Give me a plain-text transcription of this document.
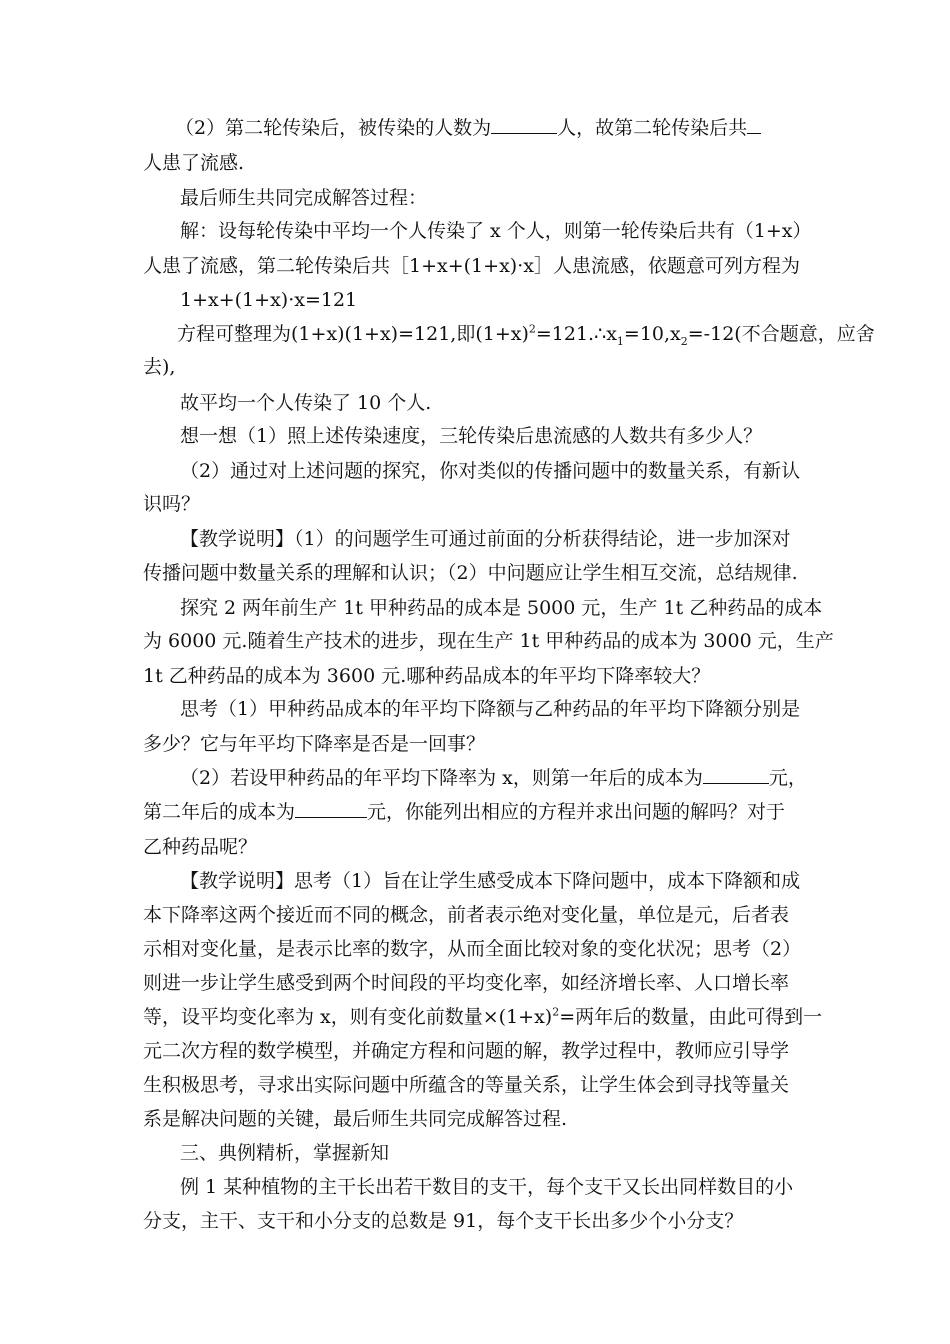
（2）第二轮传染后，被传染的人数为	人，故第二轮传染后共
人患了流感.
最后师生共同完成解答过程：
解：设每轮传染中平均一个人传染了 x 个人，则第一轮传染后共有（1+x）
人患了流感，第二轮传染后共［1+x+(1+x)·x］人患流感，依题意可列方程为
1+x+(1+x)·x=121
方程可整理为(1+x)(1+x)=121,即$(1+x)^2=121.\therefore x_1=10,x_2=-12$(不合题意，应舍
去),
故平均一个人传染了 10 个人.
想一想（1）照上述传染速度，三轮传染后患流感的人数共有多少人？
（2）通过对上述问题的探究，你对类似的传播问题中的数量关系，有新认
识吗？
【教学说明】（1）的问题学生可通过前面的分析获得结论，进一步加深对
传播问题中数量关系的理解和认识；（2）中问题应让学生相互交流，总结规律.
探究 2 两年前生产 1t 甲种药品的成本是 5000 元，生产 1t 乙种药品的成本
为 6000 元.随着生产技术的进步，现在生产 1t 甲种药品的成本为 3000 元，生产
1t 乙种药品的成本为 3600 元.哪种药品成本的年平均下降率较大？
思考（1）甲种药品成本的年平均下降额与乙种药品的年平均下降额分别是
多少？它与年平均下降率是否是一回事？
（2）若设甲种药品的年平均下降率为 x，则第一年后的成本为	元，
第二年后的成本为	元，你能列出相应的方程并求出问题的解吗？对于
乙种药品呢？
【教学说明】思考（1）旨在让学生感受成本下降问题中，成本下降额和成
本下降率这两个接近而不同的概念，前者表示绝对变化量，单位是元，后者表
示相对变化量，是表示比率的数字，从而全面比较对象的变化状况；思考（2）
则进一步让学生感受到两个时间段的平均变化率，如经济增长率、人口增长率
等，设平均变化率为 x，则有变化前数量$\times(1+x)^2=$两年后的数量，由此可得到一
元二次方程的数学模型，并确定方程和问题的解，教学过程中，教师应引导学
生积极思考，寻求出实际问题中所蕴含的等量关系，让学生体会到寻找等量关
系是解决问题的关键，最后师生共同完成解答过程.
三、典例精析，掌握新知
例 1 某种植物的主干长出若干数目的支干，每个支干又长出同样数目的小
分支，主干、支干和小分支的总数是 91，每个支干长出多少个小分支？
